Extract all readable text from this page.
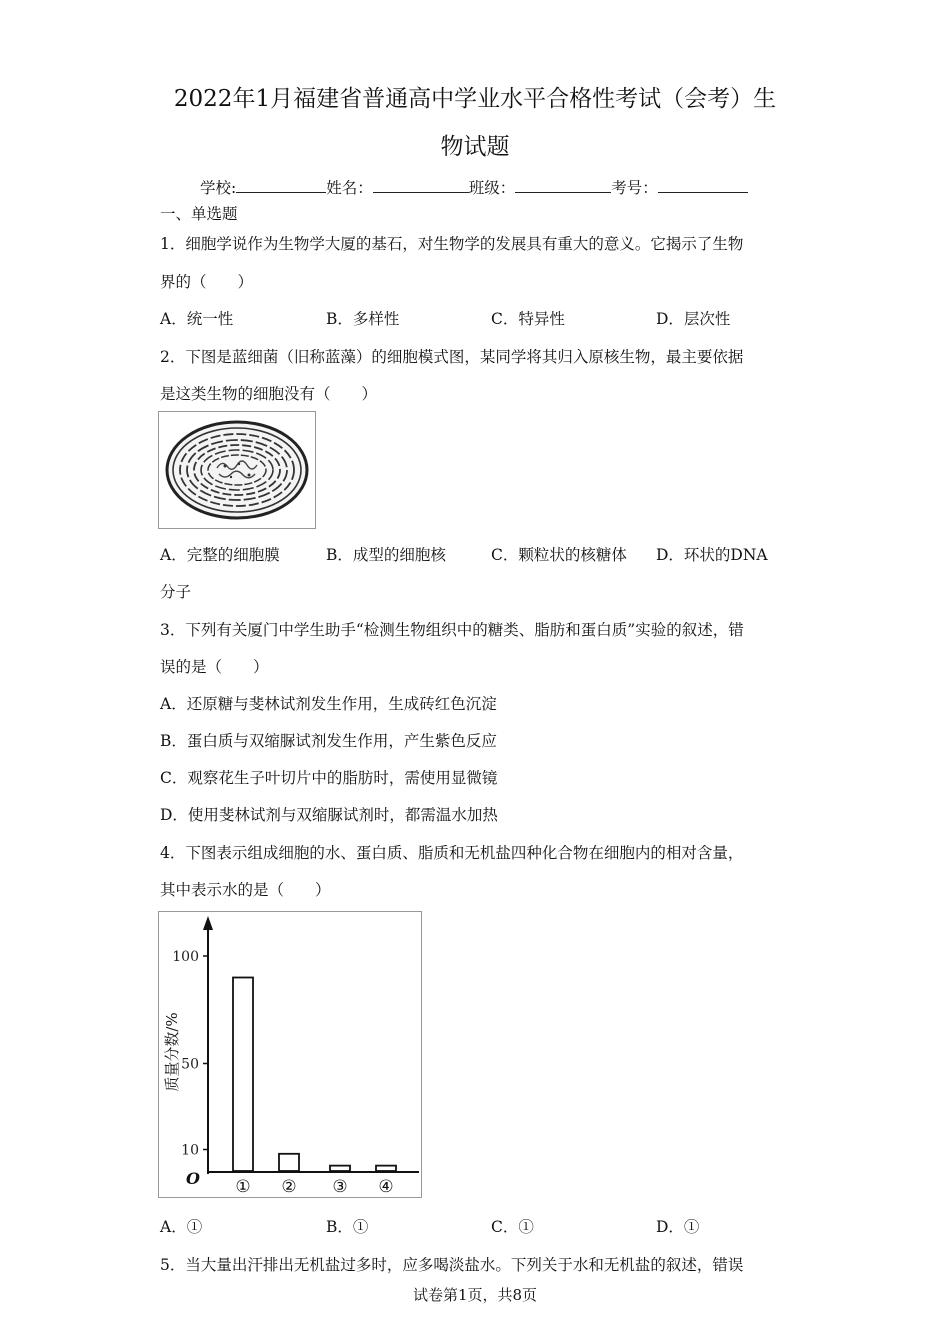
2022年1月福建省普通高中学业水平合格性考试（会考）生
物试题
学校:	姓名：	班级：	考号：
一、单选题
1．细胞学说作为生物学大厦的基石，对生物学的发展具有重大的意义。它揭示了生物
界的（　　）
A．统一性	B．多样性	C．特异性	D．层次性
2．下图是蓝细菌（旧称蓝藻）的细胞模式图，某同学将其归入原核生物，最主要依据
是这类生物的细胞没有（　　）
A．完整的细胞膜	B．成型的细胞核	C．颗粒状的核糖体 D．环状的DNA
分子
3．下列有关厦门中学生助手“检测生物组织中的糖类、脂肪和蛋白质”实验的叙述，错
误的是（　　）
A．还原糖与斐林试剂发生作用，生成砖红色沉淀
B．蛋白质与双缩脲试剂发生作用，产生紫色反应
C．观察花生子叶切片中的脂肪时，需使用显微镜
D．使用斐林试剂与双缩脲试剂时，都需温水加热
4．下图表示组成细胞的水、蛋白质、脂质和无机盐四种化合物在细胞内的相对含量，
其中表示水的是（　　）
10
50
100
O
质量分数/%
① ② ③ ④
A．①	B．①	C．①	D．①
5．当大量出汗排出无机盐过多时，应多喝淡盐水。下列关于水和无机盐的叙述，错误
试卷第1页，共8页
